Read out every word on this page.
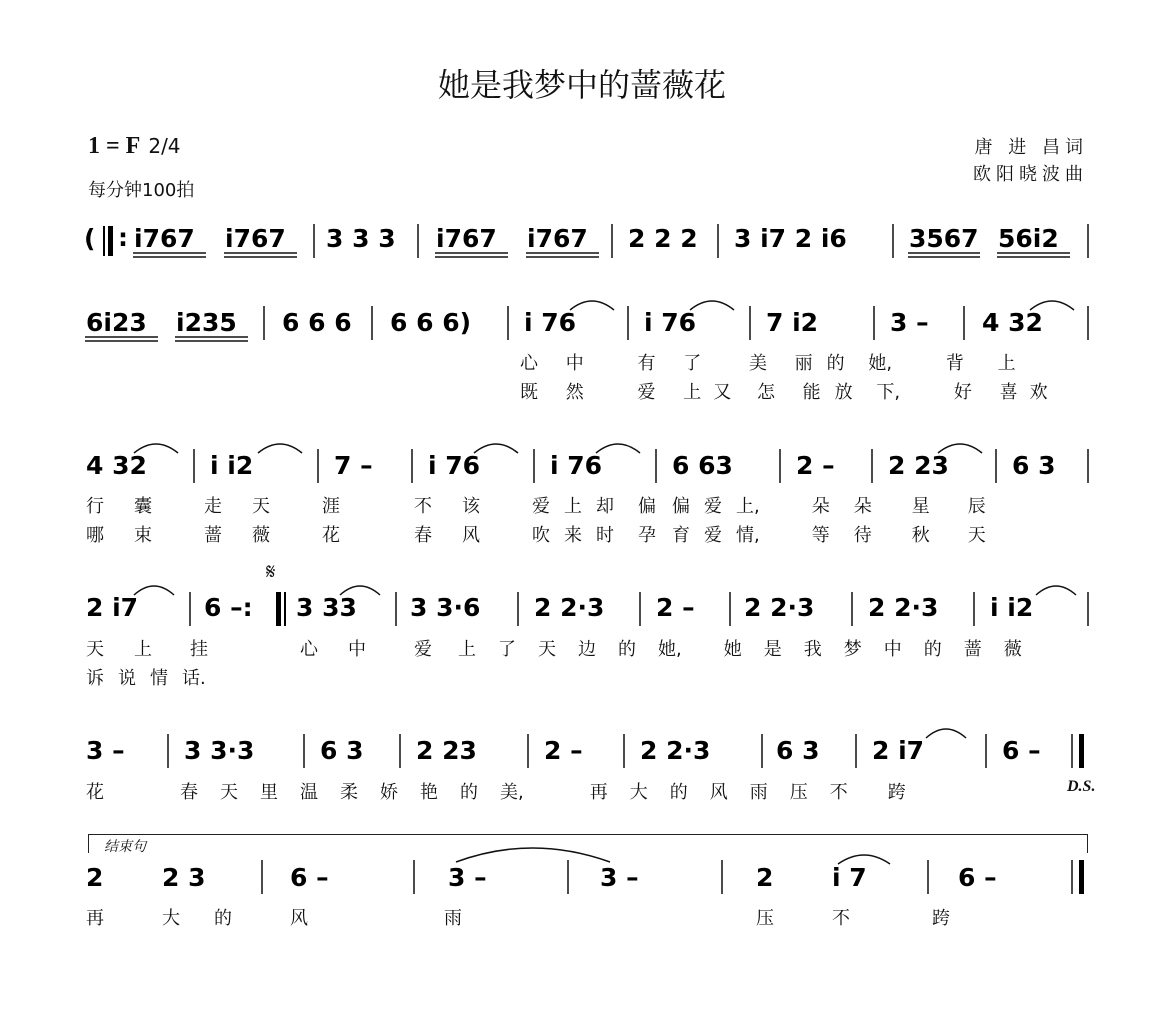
她是我梦中的蔷薇花
1 = F 2/4
每分钟100拍
唐 进 昌词
欧阳晓波曲
𝄋
D.S.
结束句
( : i767 i767 3 3 3 i767 i767 2 2 2 3 i7 2 i6 3567 56i2
6i23 i235 6 6 6 6 6 6) i 76	i 76	7 i2	3 – 4 32
4 32	i i2	7 – i 76	i 76	6 63	2 – 2 23	6 3
2 i7	6 –: 3 33 3 3·6 2 2·3 2 – 2 2·3 2 2·3 i i2
3 – 3 3·3	6 3 2 23	2 – 2 2·3	6 3 2 i7	6 –
2 2 3	6 –	3 –	3 –	2 i 7	6 –
心 中	有 了	美 丽的 她,	背 上
既 然	爱 上又 怎 能放 下,	好 喜欢
行 囊	走 天	涯	不 该	爱 上却 偏 偏爱上,	朵 朵 星 辰
哪 束	蔷 薇	花	春 风	吹 来时 孕 育爱情,	等 待 秋 天
天 上 挂	心 中	爱 上 了 天 边 的 她, 她 是 我 梦 中 的 蔷 薇
诉 说 情 话.
花	春 天 里 温 柔 娇 艳 的 美,	再 大 的 风 雨 压 不 跨
再	大 的	风	雨	压	不	跨
